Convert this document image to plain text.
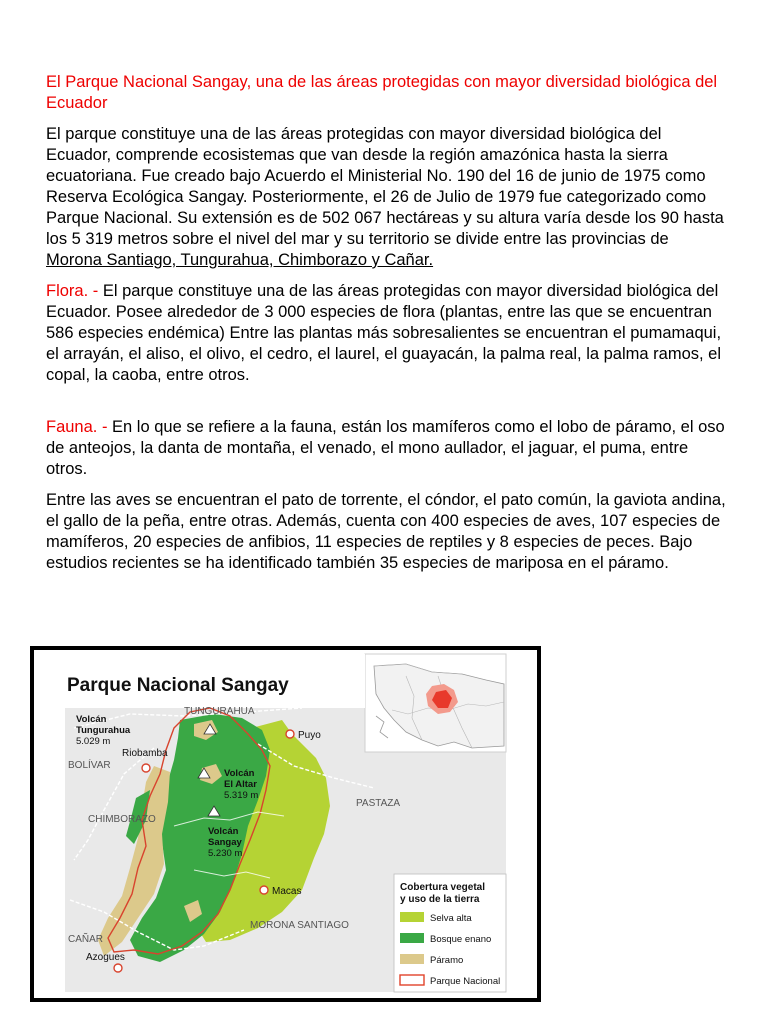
El Parque Nacional Sangay, una de las áreas protegidas con mayor diversidad biológica del Ecuador

El parque constituye una de las áreas protegidas con mayor diversidad biológica del Ecuador, comprende ecosistemas que van desde la región amazónica hasta la sierra ecuatoriana. Fue creado bajo Acuerdo el Ministerial No. 190 del 16 de junio de 1975 como Reserva Ecológica Sangay. Posteriormente, el 26 de Julio de 1979 fue categorizado como Parque Nacional. Su extensión es de 502 067 hectáreas y su altura varía desde los 90 hasta los 5 319 metros sobre el nivel del mar y su territorio se divide entre las provincias de Morona Santiago, Tungurahua, Chimborazo y Cañar.

Flora. - El parque constituye una de las áreas protegidas con mayor diversidad biológica del Ecuador. Posee alrededor de 3 000 especies de flora (plantas, entre las que se encuentran 586 especies endémica) Entre las plantas más sobresalientes se encuentran el pumamaqui, el arrayán, el aliso, el olivo, el cedro, el laurel, el guayacán, la palma real, la palma ramos, el copal, la caoba, entre otros.

Fauna. - En lo que se refiere a la fauna, están los mamíferos como el lobo de páramo, el oso de anteojos, la danta de montaña, el venado, el mono aullador, el jaguar, el puma, entre otros.

Entre las aves se encuentran el pato de torrente, el cóndor, el pato común, la gaviota andina, el gallo de la peña, entre otras. Además, cuenta con 400 especies de aves, 107 especies de mamíferos, 20 especies de anfibios, 11 especies de reptiles y 8 especies de peces. Bajo estudios recientes se ha identificado también 35 especies de mariposa en el páramo.

Parque Nacional Sangay
TUNGURAHUA
BOLÍVAR
CHIMBORAZO
PASTAZA
MORONA SANTIAGO
CAÑAR
Riobamba
Puyo
Macas
Azogues
Volcán
Tungurahua
5.029 m
Volcán
El Altar
5.319 m
Volcán
Sangay
5.230 m
Cobertura vegetal
y uso de la tierra
Selva alta
Bosque enano
Páramo
Parque Nacional
